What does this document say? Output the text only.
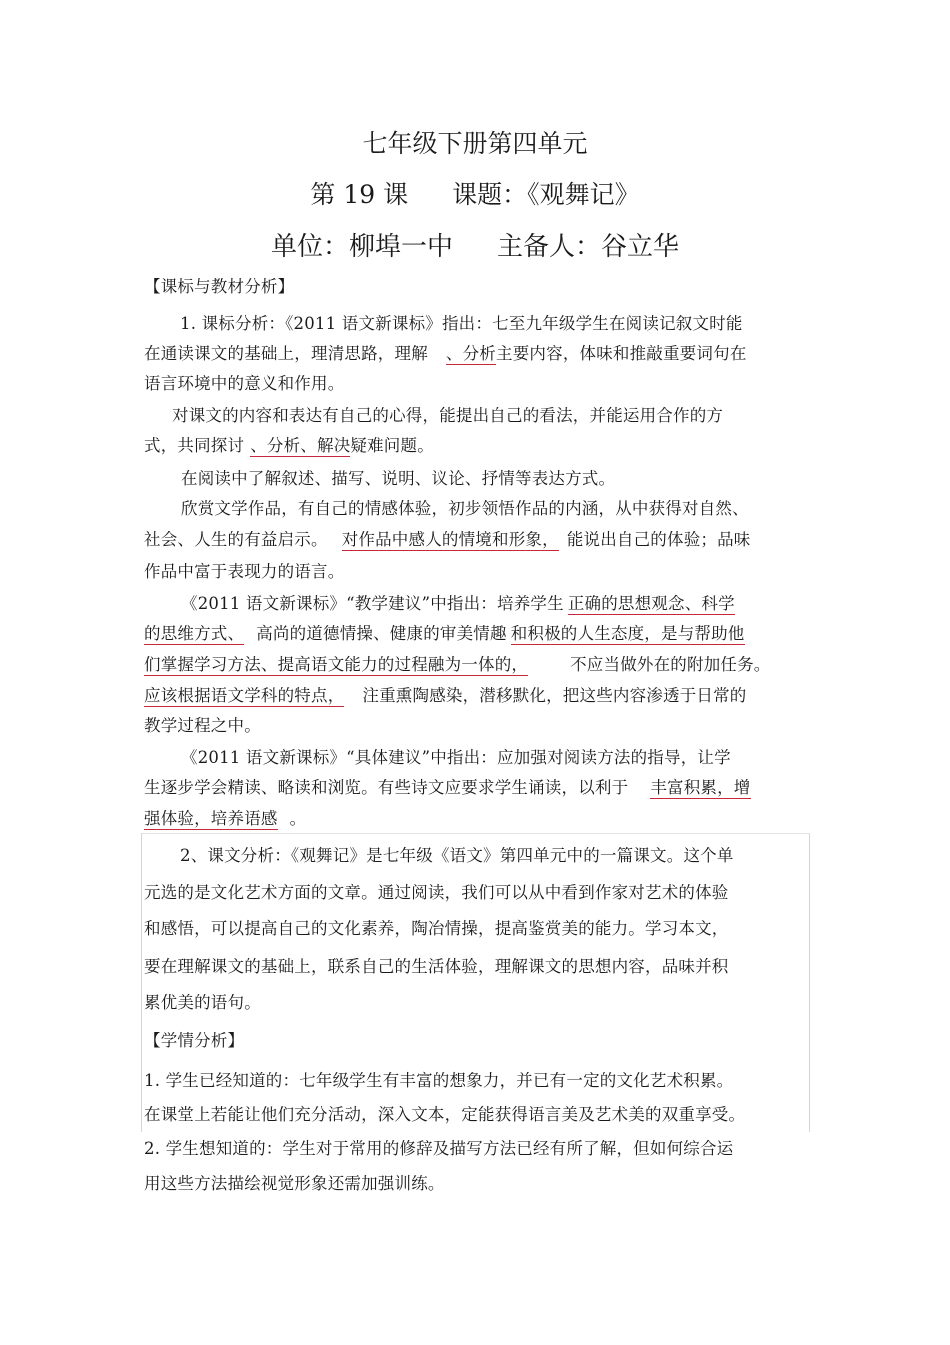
七年级下册第四单元
第 19 课 课题：《观舞记》
单位：柳埠一中 主备人：谷立华
【课标与教材分析】
1. 课标分析：《2011 语文新课标》指出：七至九年级学生在阅读记叙文时能
在通读课文的基础上，理清思路，理解 、分析主要内容，体味和推敲重要词句在
语言环境中的意义和作用。
对课文的内容和表达有自己的心得，能提出自己的看法，并能运用合作的方
式，共同探讨 、分析、解决疑难问题。
在阅读中了解叙述、描写、说明、议论、抒情等表达方式。
欣赏文学作品，有自己的情感体验，初步领悟作品的内涵，从中获得对自然、
社会、人生的有益启示。 对作品中感人的情境和形象， 能说出自己的体验；品味
作品中富于表现力的语言。
《2011 语文新课标》“教学建议”中指出：培养学生 正确的思想观念、科学
的思维方式、 高尚的道德情操、健康的审美情趣 和积极的人生态度，是与帮助他
们掌握学习方法、提高语文能力的过程融为一体的，	不应当做外在的附加任务。
应该根据语文学科的特点， 注重熏陶感染，潜移默化，把这些内容渗透于日常的
教学过程之中。
《2011 语文新课标》“具体建议”中指出：应加强对阅读方法的指导，让学
生逐步学会精读、略读和浏览。有些诗文应要求学生诵读，以利于 丰富积累，增
强体验，培养语感 。
2、课文分析：《观舞记》是七年级《语文》第四单元中的一篇课文。这个单
元选的是文化艺术方面的文章。通过阅读，我们可以从中看到作家对艺术的体验
和感悟，可以提高自己的文化素养，陶冶情操，提高鉴赏美的能力。学习本文，
要在理解课文的基础上，联系自己的生活体验，理解课文的思想内容，品味并积
累优美的语句。
【学情分析】
1. 学生已经知道的：七年级学生有丰富的想象力，并已有一定的文化艺术积累。
在课堂上若能让他们充分活动，深入文本，定能获得语言美及艺术美的双重享受。
2. 学生想知道的：学生对于常用的修辞及描写方法已经有所了解，但如何综合运
用这些方法描绘视觉形象还需加强训练。
